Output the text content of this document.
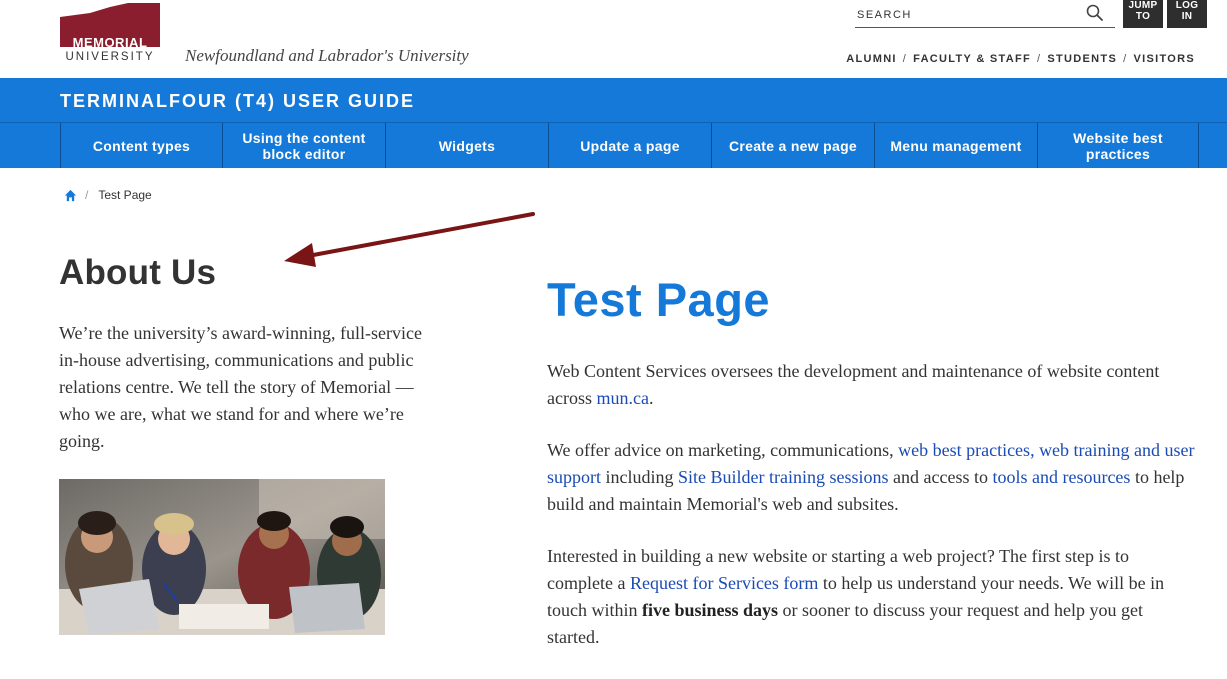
MEMORIAL
UNIVERSITY	Newfoundland and Labrador's University
SEARCH
JUMP
TO
LOG
IN
ALUMNI / FACULTY & STAFF / STUDENTS / VISITORS
TERMINALFOUR (T4) USER GUIDE
Content types	Using the content block editor	Widgets	Update a page	Create a new page	Menu management	Website best practices
/ Test Page
About Us
We’re the university’s award-winning, full-service in-house advertising, communications and public relations centre. We tell the story of Memorial — who we are, what we stand for and where we’re going.
Test Page

Web Content Services oversees the development and maintenance of website content across mun.ca.

We offer advice on marketing, communications, web best practices, web training and user support including Site Builder training sessions and access to tools and resources to help build and maintain Memorial's web and subsites.

Interested in building a new website or starting a web project? The first step is to complete a Request for Services form to help us understand your needs. We will be in touch within five business days or sooner to discuss your request and help you get started.
